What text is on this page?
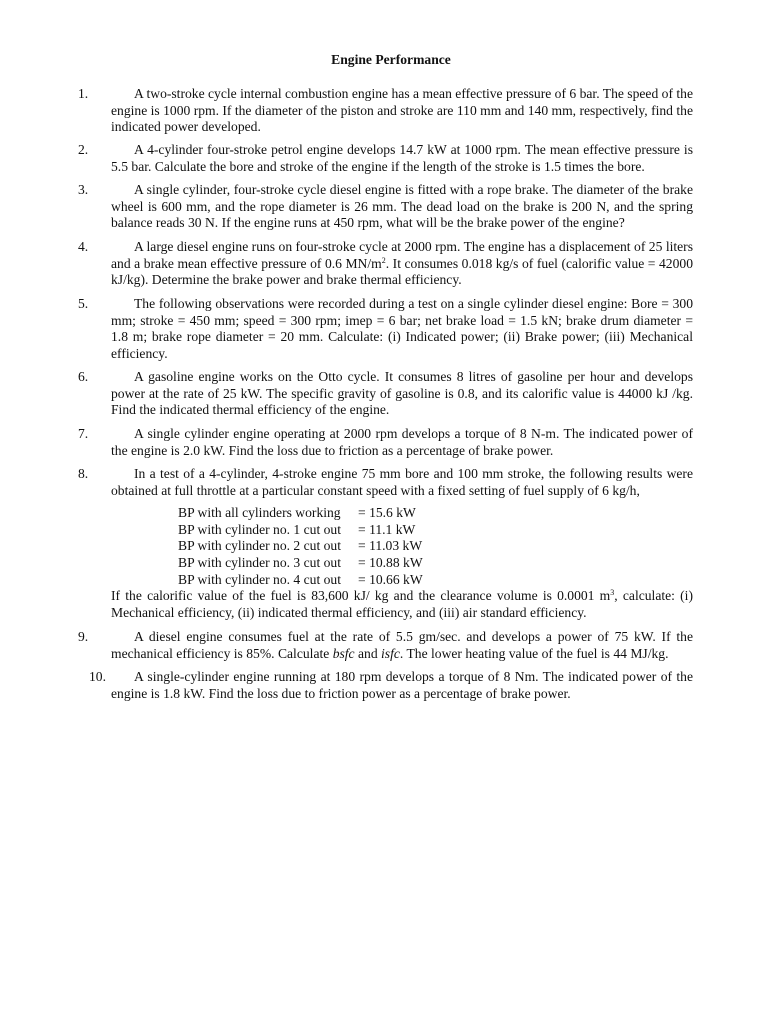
Engine Performance
1.	A two-stroke cycle internal combustion engine has a mean effective pressure of 6 bar. The speed of the engine is 1000 rpm. If the diameter of the piston and stroke are 110 mm and 140 mm, respectively, find the indicated power developed.
2.	A 4-cylinder four-stroke petrol engine develops 14.7 kW at 1000 rpm. The mean effective pressure is 5.5 bar. Calculate the bore and stroke of the engine if the length of the stroke is 1.5 times the bore.
3.	A single cylinder, four-stroke cycle diesel engine is fitted with a rope brake. The diameter of the brake wheel is 600 mm, and the rope diameter is 26 mm. The dead load on the brake is 200 N, and the spring balance reads 30 N. If the engine runs at 450 rpm, what will be the brake power of the engine?
4.	A large diesel engine runs on four-stroke cycle at 2000 rpm. The engine has a displacement of 25 liters and a brake mean effective pressure of 0.6 $MN/m^2$. It consumes 0.018 kg/s of fuel (calorific value = 42000 kJ/kg). Determine the brake power and brake thermal efficiency.
5.	The following observations were recorded during a test on a single cylinder diesel engine: Bore = 300 mm; stroke = 450 mm; speed = 300 rpm; imep = 6 bar; net brake load = 1.5 kN; brake drum diameter = 1.8 m; brake rope diameter = 20 mm. Calculate: (i) Indicated power; (ii) Brake power; (iii) Mechanical efficiency.
6.	A gasoline engine works on the Otto cycle. It consumes 8 litres of gasoline per hour and develops power at the rate of 25 kW. The specific gravity of gasoline is 0.8, and its calorific value is 44000 kJ /kg. Find the indicated thermal efficiency of the engine.
7.	A single cylinder engine operating at 2000 rpm develops a torque of 8 N-m. The indicated power of the engine is 2.0 kW. Find the loss due to friction as a percentage of brake power.
8.	In a test of a 4-cylinder, 4-stroke engine 75 mm bore and 100 mm stroke, the following results were obtained at full throttle at a particular constant speed with a fixed setting of fuel supply of 6 kg/h,
BP with all cylinders working	= 15.6 kW
BP with cylinder no. 1 cut out	= 11.1 kW
BP with cylinder no. 2 cut out	= 11.03 kW
BP with cylinder no. 3 cut out	= 10.88 kW
BP with cylinder no. 4 cut out	= 10.66 kW
If the calorific value of the fuel is 83,600 kJ/ kg and the clearance volume is 0.0001 $m^3$, calculate: (i) Mechanical efficiency, (ii) indicated thermal efficiency, and (iii) air standard efficiency.
9.	A diesel engine consumes fuel at the rate of 5.5 gm/sec. and develops a power of 75 kW. If the mechanical efficiency is 85%. Calculate bsfc and isfc. The lower heating value of the fuel is 44 MJ/kg.
10.	A single-cylinder engine running at 180 rpm develops a torque of 8 Nm. The indicated power of the engine is 1.8 kW. Find the loss due to friction power as a percentage of brake power.
